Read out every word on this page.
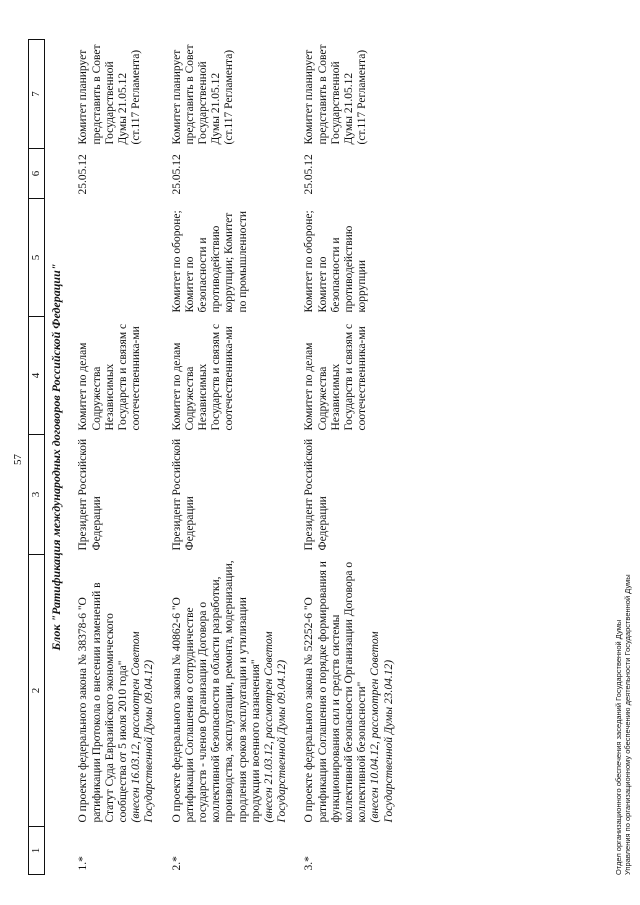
57
1	2	3	4	5	6	7
Блок "Ратификация международных договоров Российской Федерации"						
1.*	О проекте федерального закона № 38378-6 "О ратификации Протокола о внесении изменений в Статут Суда Евразийского экономического сообщества от 5 июля 2010 года" (внесен 16.03.12, рассмотрен Советом Государственной Думы 09.04.12)	Президент Российской Федерации	Комитет по делам Содружества Независимых Государств и связям с соотечественника-ми		25.05.12	Комитет планирует представить в Совет Государственной Думы 21.05.12 (ст.117 Регламента)
2.*	О проекте федерального закона № 40862-6 "О ратификации Соглашения о сотрудничестве государств - членов Организации Договора о коллективной безопасности в области разработки, производства, эксплуатации, ремонта, модернизации, продления сроков эксплуатации и утилизации продукции военного назначения" (внесен 21.03.12, рассмотрен Советом Государственной Думы 09.04.12)	Президент Российской Федерации	Комитет по делам Содружества Независимых Государств и связям с соотечественника-ми	Комитет по обороне; Комитет по безопасности и противодействию коррупции; Комитет по промышленности	25.05.12	Комитет планирует представить в Совет Государственной Думы 21.05.12 (ст.117 Регламента)
3.*	О проекте федерального закона № 52252-6 "О ратификации Соглашения о порядке формирования и функционирования сил и средств системы коллективной безопасности Организации Договора о коллективной безопасности" (внесен 10.04.12, рассмотрен Советом Государственной Думы 23.04.12)	Президент Российской Федерации	Комитет по делам Содружества Независимых Государств и связям с соотечественника-ми	Комитет по обороне; Комитет по безопасности и противодействию коррупции	25.05.12	Комитет планирует представить в Совет Государственной Думы 21.05.12 (ст.117 Регламента)
Отдел организационного обеспечения заседаний Государственной Думы Управления по организационному обеспечению деятельности Государственной Думы
